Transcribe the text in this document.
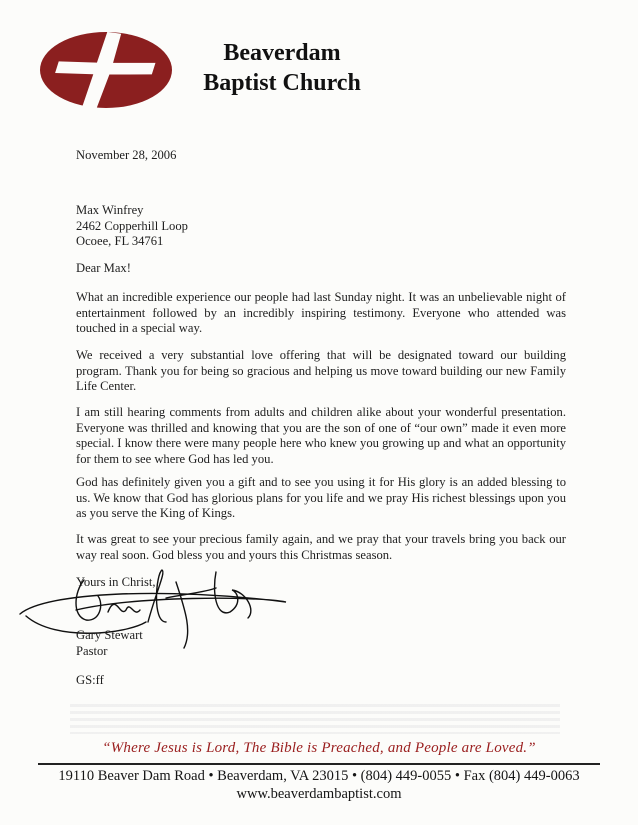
Beaverdam
Baptist Church
November 28, 2006
Max Winfrey
2462 Copperhill Loop
Ocoee, FL 34761
Dear Max!

What an incredible experience our people had last Sunday night. It was an unbelievable night of entertainment followed by an incredibly inspiring testimony. Everyone who attended was touched in a special way.

We received a very substantial love offering that will be designated toward our building program. Thank you for being so gracious and helping us move toward building our new Family Life Center.

I am still hearing comments from adults and children alike about your wonderful presentation. Everyone was thrilled and knowing that you are the son of one of “our own” made it even more special. I know there were many people here who knew you growing up and what an opportunity for them to see where God has led you.

God has definitely given you a gift and to see you using it for His glory is an added blessing to us. We know that God has glorious plans for you life and we pray His richest blessings upon you as you serve the King of Kings.

It was great to see your precious family again, and we pray that your travels bring you back our way real soon. God bless you and yours this Christmas season.

Yours in Christ,
Gary Stewart
Pastor
GS:ff
“Where Jesus is Lord, The Bible is Preached, and People are Loved.”
19110 Beaver Dam Road • Beaverdam, VA 23015 • (804) 449-0055 • Fax (804) 449-0063
www.beaverdambaptist.com
